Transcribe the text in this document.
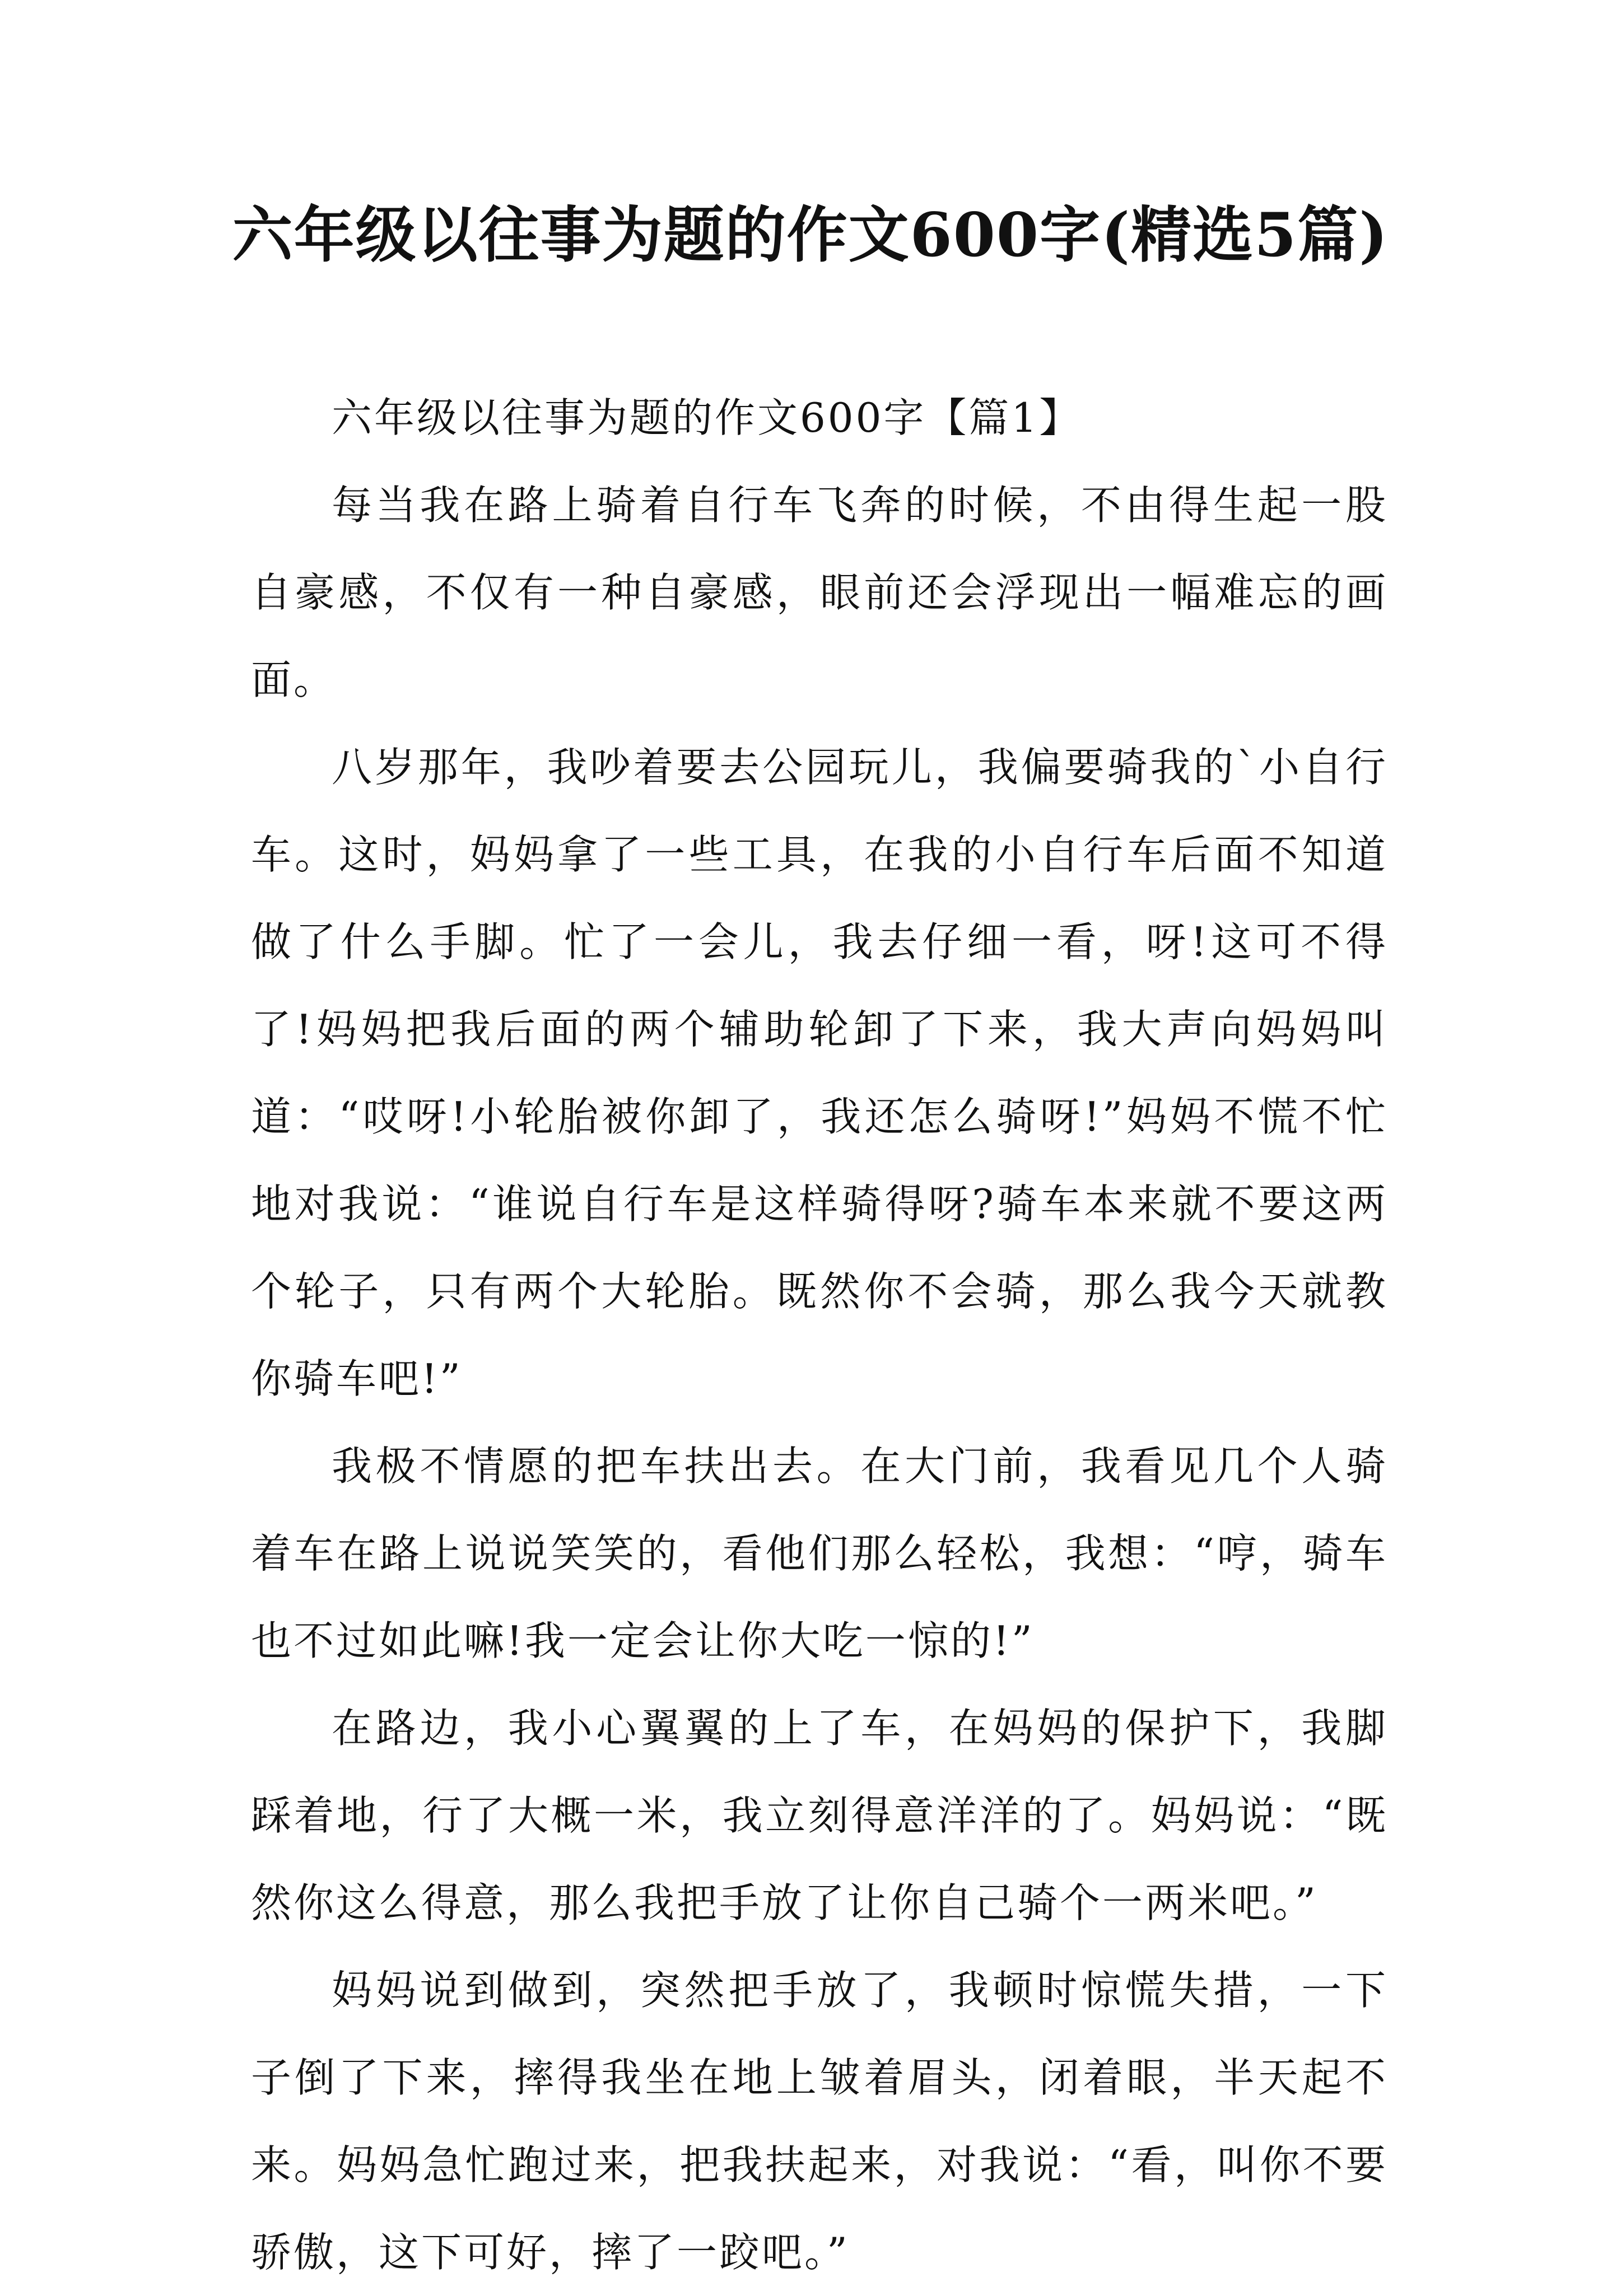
六年级以往事为题的作文600字(精选5篇)

六年级以往事为题的作文600字【篇1】

每当我在路上骑着自行车飞奔的时候，不由得生起一股自豪感，不仅有一种自豪感，眼前还会浮现出一幅难忘的画面。

八岁那年，我吵着要去公园玩儿，我偏要骑我的`小自行车。这时，妈妈拿了一些工具，在我的小自行车后面不知道做了什么手脚。忙了一会儿，我去仔细一看，呀!这可不得了!妈妈把我后面的两个辅助轮卸了下来，我大声向妈妈叫道：“哎呀!小轮胎被你卸了，我还怎么骑呀!”妈妈不慌不忙地对我说：“谁说自行车是这样骑得呀?骑车本来就不要这两个轮子，只有两个大轮胎。既然你不会骑，那么我今天就教你骑车吧!”

我极不情愿的把车扶出去。在大门前，我看见几个人骑着车在路上说说笑笑的，看他们那么轻松，我想：“哼，骑车也不过如此嘛!我一定会让你大吃一惊的!”

在路边，我小心翼翼的上了车，在妈妈的保护下，我脚踩着地，行了大概一米，我立刻得意洋洋的了。妈妈说：“既然你这么得意，那么我把手放了让你自己骑个一两米吧。”

妈妈说到做到，突然把手放了，我顿时惊慌失措，一下子倒了下来，摔得我坐在地上皱着眉头，闭着眼，半天起不来。妈妈急忙跑过来，把我扶起来，对我说：“看，叫你不要骄傲，这下可好，摔了一跤吧。”
